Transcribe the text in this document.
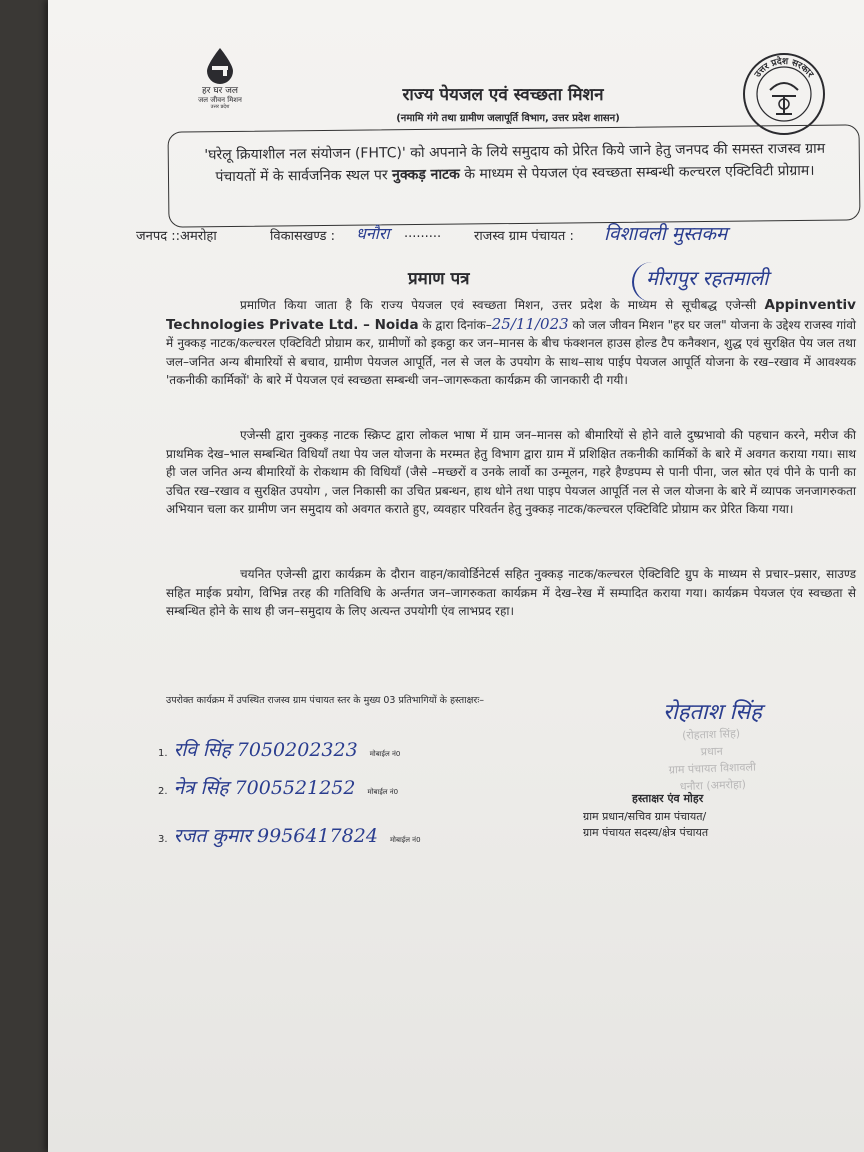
हर घर जल
जल जीवन मिशन
उत्तर प्रदेश
राज्य पेयजल एवं स्वच्छता मिशन
(नमामि गंगे तथा ग्रामीण जलापूर्ति विभाग, उत्तर प्रदेश शासन)
उत्तर प्रदेश सरकार

'घरेलू क्रियाशील नल संयोजन (FHTC)' को अपनाने के लिये समुदाय को प्रेरित किये जाने हेतु जनपद की समस्त राजस्व ग्राम पंचायतों में के सार्वजनिक स्थल पर नुक्कड़ नाटक के माध्यम से पेयजल एंव स्वच्छता सम्बन्धी कल्चरल एक्टिविटी प्रोग्राम।

जनपद ::अमरोहा	विकासखण्ड : धनौरा .........	राजस्व ग्राम पंचायत : विशावली मुस्तकम
प्रमाण पत्र	मीरापुर रहतमाली
प्रमाणित किया जाता है कि राज्य पेयजल एवं स्वच्छता मिशन, उत्तर प्रदेश के माध्यम से सूचीबद्ध एजेन्सी Appinventiv Technologies Private Ltd. – Noida के द्वारा दिनांक–25/11/023 को जल जीवन मिशन "हर घर जल" योजना के उद्देश्य राजस्व गांवो में नुक्कड़ नाटक/कल्चरल एक्टिविटी प्रोग्राम कर, ग्रामीणों को इकट्ठा कर जन–मानस के बीच फंक्शनल हाउस होल्ड टैप कनैक्शन, शुद्ध एवं सुरक्षित पेय जल तथा जल–जनित अन्य बीमारियों से बचाव, ग्रामीण पेयजल आपूर्ति, नल से जल के उपयोग के साथ–साथ पाईप पेयजल आपूर्ति योजना के रख–रखाव में आवश्यक 'तकनीकी कार्मिकों' के बारे में पेयजल एवं स्वच्छता सम्बन्धी जन–जागरूकता कार्यक्रम की जानकारी दी गयी।
एजेन्सी द्वारा नुक्कड़ नाटक स्क्रिप्ट द्वारा लोकल भाषा में ग्राम जन–मानस को बीमारियों से होने वाले दुष्प्रभावो की पहचान करने, मरीज की प्राथमिक देख–भाल सम्बन्धित विधियाँ तथा पेय जल योजना के मरम्मत हेतु विभाग द्वारा ग्राम में प्रशिक्षित तकनीकी कार्मिकों के बारे में अवगत कराया गया। साथ ही जल जनित अन्य बीमारियों के रोकथाम की विधियाँ (जैसे –मच्छरों व उनके लार्वो का उन्मूलन, गहरे हैण्डपम्प से पानी पीना, जल स्रोत एवं पीने के पानी का उचित रख–रखाव व सुरक्षित उपयोग , जल निकासी का उचित प्रबन्धन, हाथ धोने तथा पाइप पेयजल आपूर्ति नल से जल योजना के बारे में व्यापक जनजागरुकता अभियान चला कर ग्रामीण जन समुदाय को अवगत कराते हुए, व्यवहार परिवर्तन हेतु नुक्कड़ नाटक/कल्चरल एक्टिविटि प्रोग्राम कर प्रेरित किया गया।
चयनित एजेन्सी द्वारा कार्यक्रम के दौरान वाहन/कावोर्डिनेटर्स सहित नुक्कड़ नाटक/कल्चरल ऐक्टिविटि ग्रुप के माध्यम से प्रचार–प्रसार, साउण्ड सहित माईक प्रयोग, विभिन्न तरह की गतिविधि के अर्न्तगत जन–जागरुकता कार्यक्रम में देख–रेख में सम्पादित कराया गया। कार्यक्रम पेयजल एंव स्वच्छता से सम्बन्धित होने के साथ ही जन–समुदाय के लिए अत्यन्त उपयोगी एंव लाभप्रद रहा।
उपरोक्त कार्यक्रम में उपस्थित राजस्व ग्राम पंचायत स्तर के मुख्य 03 प्रतिभागियों के हस्ताक्षरः–
1. रवि सिंह 7050202323 मोबाईल नं0
2. नेत्र सिंह 7005521252 मोबाईल नं0
3. रजत कुमार 9956417824 मोबाईल नं0
रोहताश सिंह
(रोहताश सिंह)
प्रधान
ग्राम पंचायत विशावली
धनौरा (अमरोहा)
हस्ताक्षर एंव मोहर
ग्राम प्रधान/सचिव ग्राम पंचायत/
ग्राम पंचायत सदस्य/क्षेत्र पंचायत
